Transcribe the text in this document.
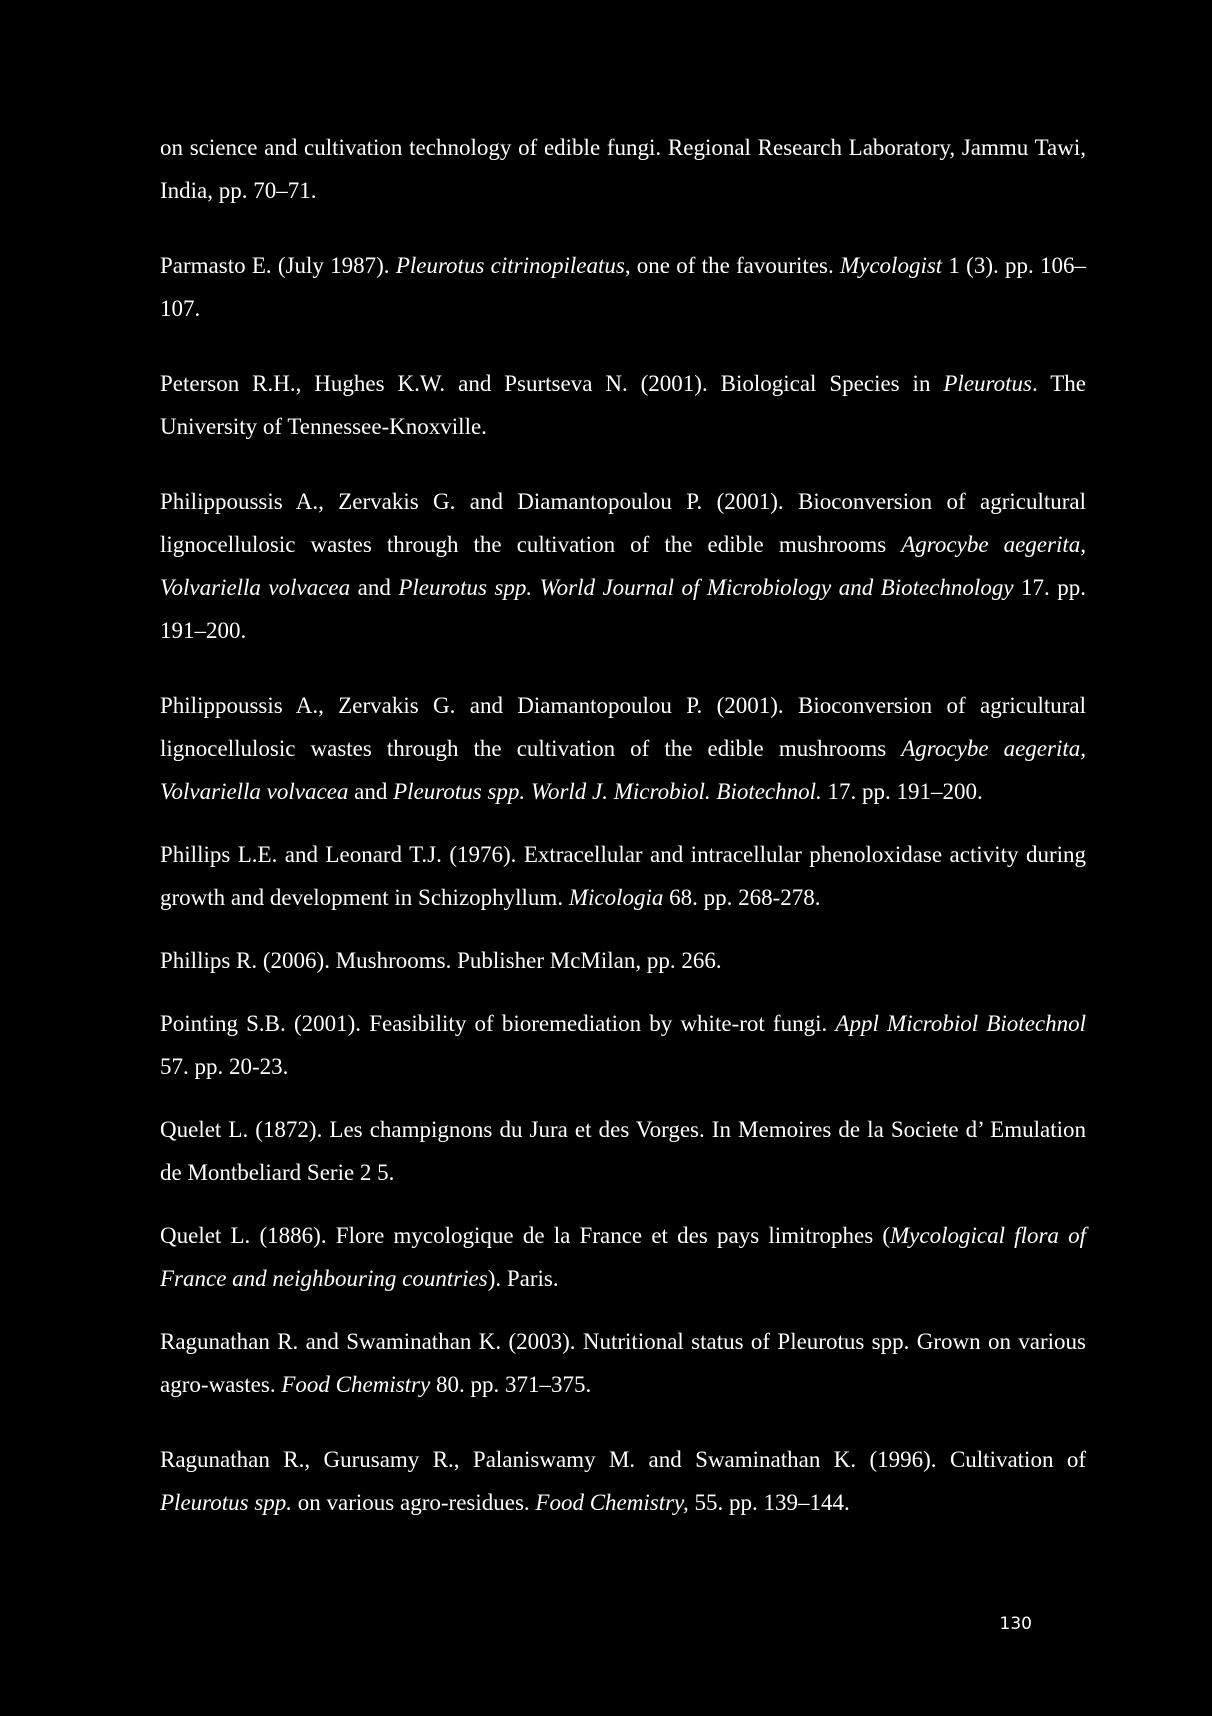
on science and cultivation technology of edible fungi. Regional Research Laboratory, Jammu Tawi, India, pp. 70–71.

Parmasto E. (July 1987). Pleurotus citrinopileatus, one of the favourites. Mycologist 1 (3). pp. 106–107.

Peterson R.H., Hughes K.W. and Psurtseva N. (2001). Biological Species in Pleurotus. The University of Tennessee-Knoxville.

Philippoussis A., Zervakis G. and Diamantopoulou P. (2001). Bioconversion of agricultural lignocellulosic wastes through the cultivation of the edible mushrooms Agrocybe aegerita, Volvariella volvacea and Pleurotus spp. World Journal of Microbiology and Biotechnology 17. pp. 191–200.

Philippoussis A., Zervakis G. and Diamantopoulou P. (2001). Bioconversion of agricultural lignocellulosic wastes through the cultivation of the edible mushrooms Agrocybe aegerita, Volvariella volvacea and Pleurotus spp. World J. Microbiol. Biotechnol. 17. pp. 191–200.

Phillips L.E. and Leonard T.J. (1976). Extracellular and intracellular phenoloxidase activity during growth and development in Schizophyllum. Micologia 68. pp. 268-278.

Phillips R. (2006). Mushrooms. Publisher McMilan, pp. 266.

Pointing S.B. (2001). Feasibility of bioremediation by white-rot fungi. Appl Microbiol Biotechnol 57. pp. 20-23.

Quelet L. (1872). Les champignons du Jura et des Vorges. In Memoires de la Societe d’ Emulation de Montbeliard Serie 2 5.

Quelet L. (1886). Flore mycologique de la France et des pays limitrophes (Mycological flora of France and neighbouring countries). Paris.

Ragunathan R. and Swaminathan K. (2003). Nutritional status of Pleurotus spp. Grown on various agro-wastes. Food Chemistry 80. pp. 371–375.

Ragunathan R., Gurusamy R., Palaniswamy M. and Swaminathan K. (1996). Cultivation of Pleurotus spp. on various agro-residues. Food Chemistry, 55. pp. 139–144.

130
